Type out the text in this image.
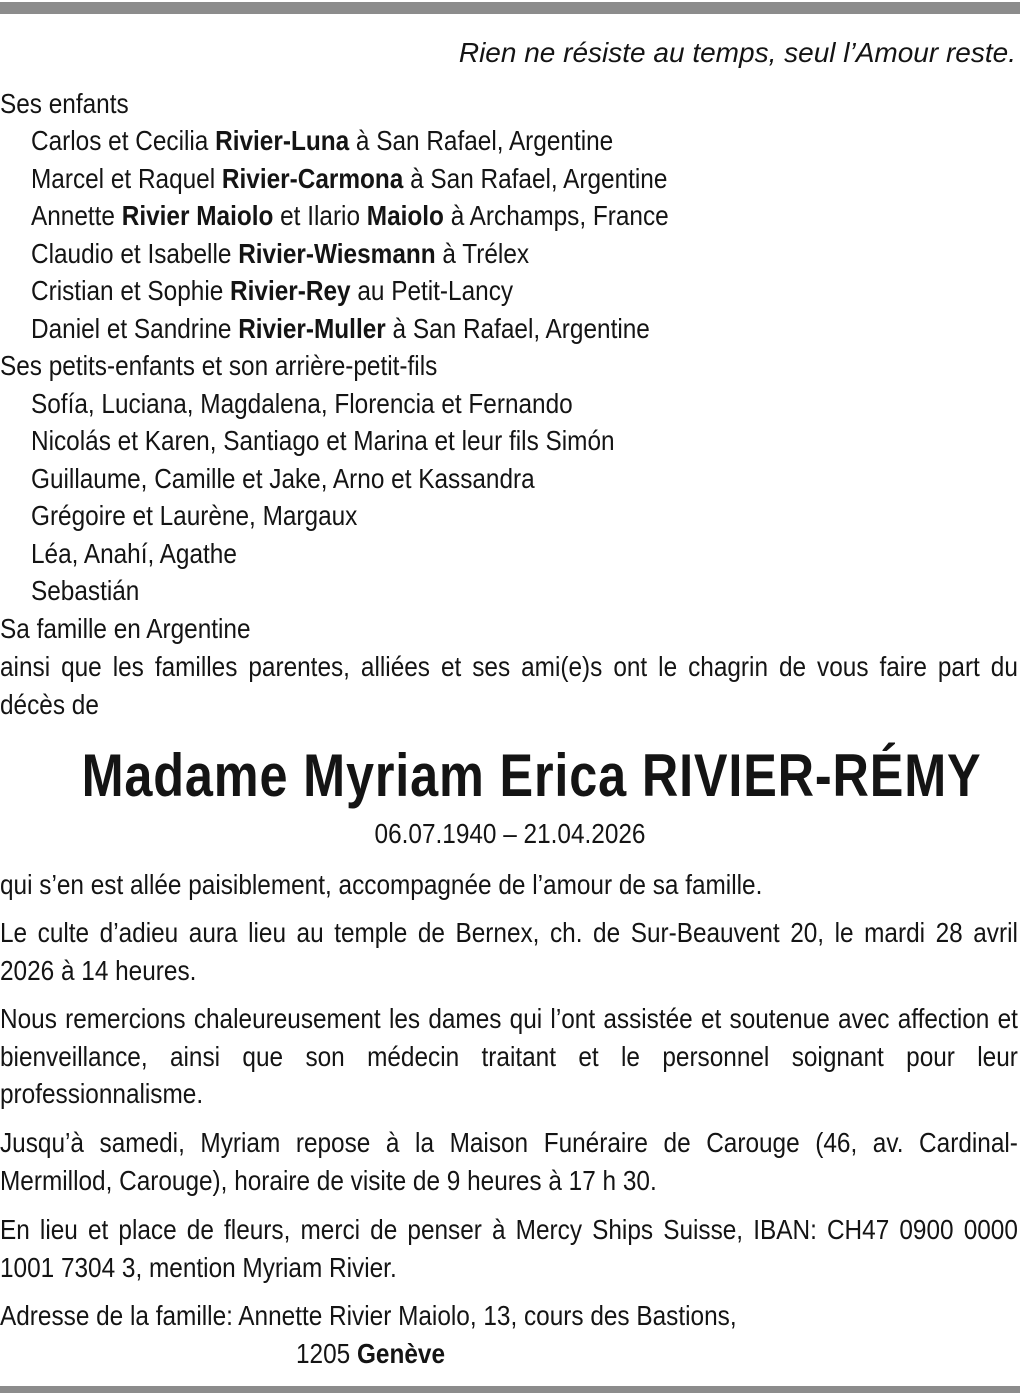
Rien ne résiste au temps, seul l’Amour reste.

Ses enfants

Carlos et Cecilia Rivier-Luna à San Rafael, Argentine

Marcel et Raquel Rivier-Carmona à San Rafael, Argentine

Annette Rivier Maiolo et Ilario Maiolo à Archamps, France

Claudio et Isabelle Rivier-Wiesmann à Trélex

Cristian et Sophie Rivier-Rey au Petit-Lancy

Daniel et Sandrine Rivier-Muller à San Rafael, Argentine

Ses petits-enfants et son arrière-petit-fils

Sofía, Luciana, Magdalena, Florencia et Fernando

Nicolás et Karen, Santiago et Marina et leur fils Simón

Guillaume, Camille et Jake, Arno et Kassandra

Grégoire et Laurène, Margaux

Léa, Anahí, Agathe

Sebastián

Sa famille en Argentine

ainsi que les familles parentes, alliées et ses ami(e)s ont le chagrin de vous faire part du décès de

Madame Myriam Erica RIVIER-RÉMY

06.07.1940 – 21.04.2026

qui s’en est allée paisiblement, accompagnée de l’amour de sa famille.

Le culte d’adieu aura lieu au temple de Bernex, ch. de Sur-Beauvent 20, le mardi 28 avril 2026 à 14 heures.

Nous remercions chaleureusement les dames qui l’ont assistée et soutenue avec affection et bienveillance, ainsi que son médecin traitant et le personnel soignant pour leur professionnalisme.

Jusqu’à samedi, Myriam repose à la Maison Funéraire de Carouge (46, av. Cardinal-Mermillod, Carouge), horaire de visite de 9 heures à 17 h 30.

En lieu et place de fleurs, merci de penser à Mercy Ships Suisse, IBAN: CH47 0900 0000 1001 7304 3, mention Myriam Rivier.

Adresse de la famille: Annette Rivier Maiolo, 13, cours des Bastions,

1205 Genève
